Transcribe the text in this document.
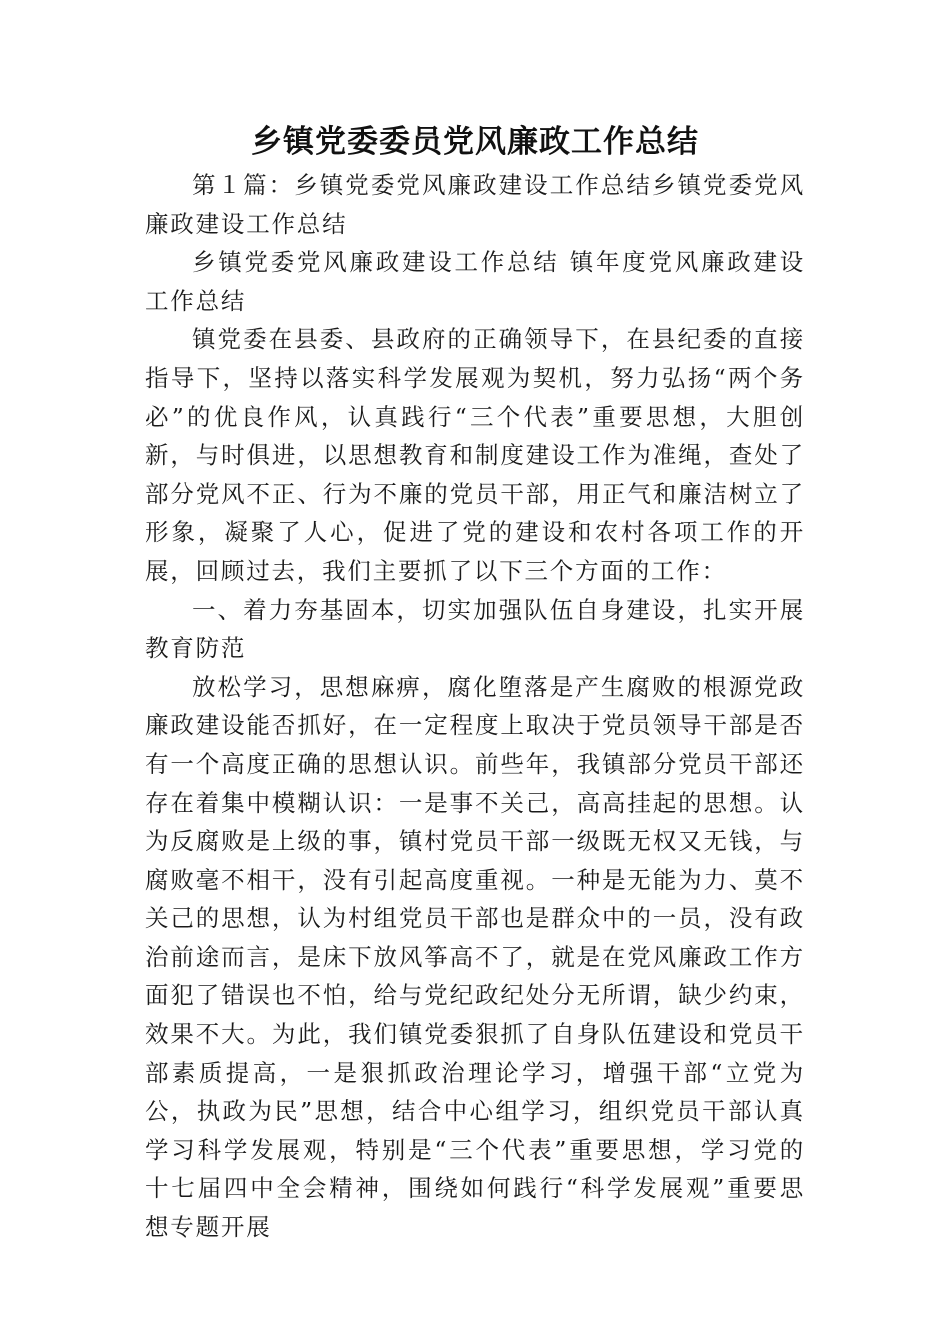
乡镇党委委员党风廉政工作总结

第１篇：乡镇党委党风廉政建设工作总结乡镇党委党风廉政建设工作总结

乡镇党委党风廉政建设工作总结 镇年度党风廉政建设工作总结

镇党委在县委、县政府的正确领导下，在县纪委的直接指导下，坚持以落实科学发展观为契机，努力弘扬“两个务必”的优良作风，认真践行“三个代表”重要思想，大胆创新，与时俱进，以思想教育和制度建设工作为准绳，查处了部分党风不正、行为不廉的党员干部，用正气和廉洁树立了形象，凝聚了人心，促进了党的建设和农村各项工作的开展，回顾过去，我们主要抓了以下三个方面的工作：

一、着力夯基固本，切实加强队伍自身建设，扎实开展教育防范

放松学习，思想麻痹，腐化堕落是产生腐败的根源党政廉政建设能否抓好，在一定程度上取决于党员领导干部是否有一个高度正确的思想认识。前些年，我镇部分党员干部还存在着集中模糊认识：一是事不关己，高高挂起的思想。认为反腐败是上级的事，镇村党员干部一级既无权又无钱，与腐败毫不相干，没有引起高度重视。一种是无能为力、莫不关己的思想，认为村组党员干部也是群众中的一员，没有政治前途而言，是床下放风筝高不了，就是在党风廉政工作方面犯了错误也不怕，给与党纪政纪处分无所谓，缺少约束，效果不大。为此，我们镇党委狠抓了自身队伍建设和党员干部素质提高，一是狠抓政治理论学习，增强干部“立党为公，执政为民”思想，结合中心组学习，组织党员干部认真学习科学发展观，特别是“三个代表”重要思想，学习党的十七届四中全会精神，围绕如何践行“科学发展观”重要思想专题开展
